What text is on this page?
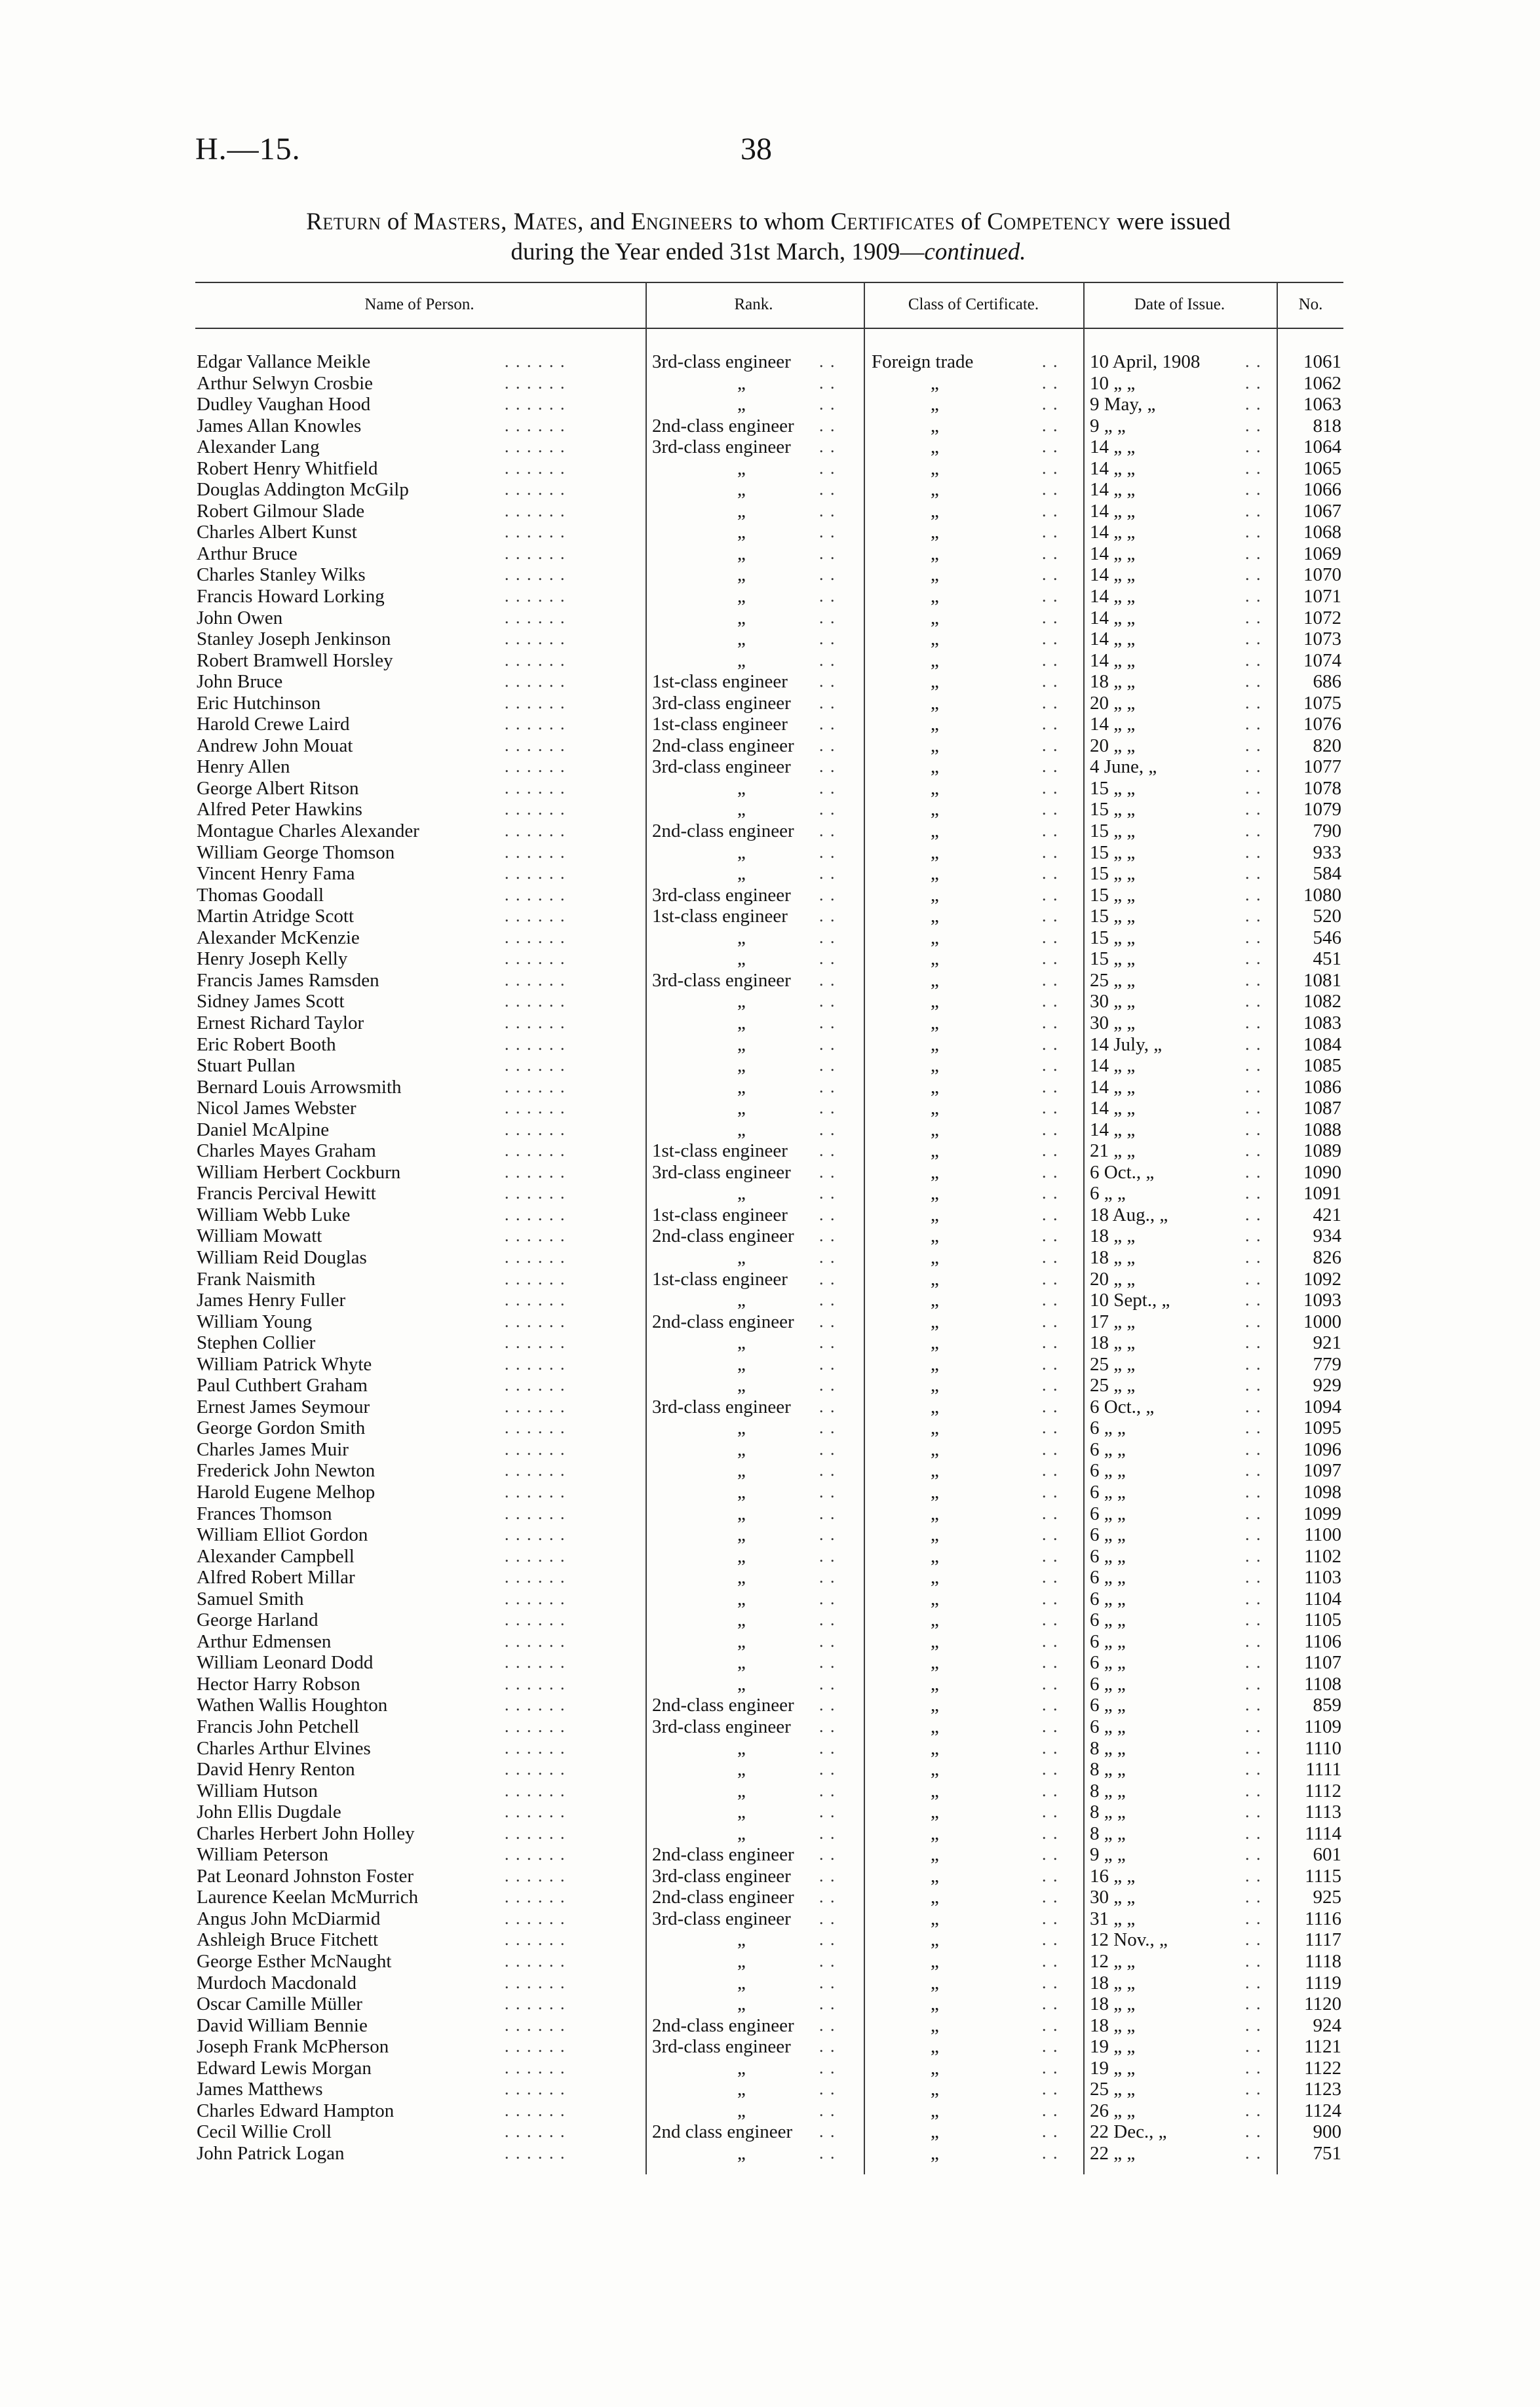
H.—15.	38
Return of Masters, Mates, and Engineers to whom Certificates of Competency were issued
during the Year ended 31st March, 1909—continued.
Name of Person.	Rank.	Class of Certificate.	Date of Issue.	No.
Edgar Vallance Meikle	3rd-class engineer	Foreign trade	10 April, 1908	1061
. . . . . .	. .	. .	. .
Arthur Selwyn Crosbie	„	„	10 „ „	1062
. . . . . .	. .	. .	. .
Dudley Vaughan Hood	„	„	9 May, „	1063
. . . . . .	. .	. .	. .
James Allan Knowles	2nd-class engineer	„	9 „ „	818
. . . . . .	. .	. .	. .
Alexander Lang	3rd-class engineer	„	14 „ „	1064
. . . . . .	. .	. .	. .
Robert Henry Whitfield	„	„	14 „ „	1065
. . . . . .	. .	. .	. .
Douglas Addington McGilp	„	„	14 „ „	1066
. . . . . .	. .	. .	. .
Robert Gilmour Slade	„	„	14 „ „	1067
. . . . . .	. .	. .	. .
Charles Albert Kunst	„	„	14 „ „	1068
. . . . . .	. .	. .	. .
Arthur Bruce	„	„	14 „ „	1069
. . . . . .	. .	. .	. .
Charles Stanley Wilks	„	„	14 „ „	1070
. . . . . .	. .	. .	. .
Francis Howard Lorking	„	„	14 „ „	1071
. . . . . .	. .	. .	. .
John Owen	„	„	14 „ „	1072
. . . . . .	. .	. .	. .
Stanley Joseph Jenkinson	„	„	14 „ „	1073
. . . . . .	. .	. .	. .
Robert Bramwell Horsley	„	„	14 „ „	1074
. . . . . .	. .	. .	. .
John Bruce	1st-class engineer	„	18 „ „	686
. . . . . .	. .	. .	. .
Eric Hutchinson	3rd-class engineer	„	20 „ „	1075
. . . . . .	. .	. .	. .
Harold Crewe Laird	1st-class engineer	„	14 „ „	1076
. . . . . .	. .	. .	. .
Andrew John Mouat	2nd-class engineer	„	20 „ „	820
. . . . . .	. .	. .	. .
Henry Allen	3rd-class engineer	„	4 June, „	1077
. . . . . .	. .	. .	. .
George Albert Ritson	„	„	15 „ „	1078
. . . . . .	. .	. .	. .
Alfred Peter Hawkins	„	„	15 „ „	1079
. . . . . .	. .	. .	. .
Montague Charles Alexander	2nd-class engineer	„	15 „ „	790
. . . . . .	. .	. .	. .
William George Thomson	„	„	15 „ „	933
. . . . . .	. .	. .	. .
Vincent Henry Fama	„	„	15 „ „	584
. . . . . .	. .	. .	. .
Thomas Goodall	3rd-class engineer	„	15 „ „	1080
. . . . . .	. .	. .	. .
Martin Atridge Scott	1st-class engineer	„	15 „ „	520
. . . . . .	. .	. .	. .
Alexander McKenzie	„	„	15 „ „	546
. . . . . .	. .	. .	. .
Henry Joseph Kelly	„	„	15 „ „	451
. . . . . .	. .	. .	. .
Francis James Ramsden	3rd-class engineer	„	25 „ „	1081
. . . . . .	. .	. .	. .
Sidney James Scott	„	„	30 „ „	1082
. . . . . .	. .	. .	. .
Ernest Richard Taylor	„	„	30 „ „	1083
. . . . . .	. .	. .	. .
Eric Robert Booth	„	„	14 July, „	1084
. . . . . .	. .	. .	. .
Stuart Pullan	„	„	14 „ „	1085
. . . . . .	. .	. .	. .
Bernard Louis Arrowsmith	„	„	14 „ „	1086
. . . . . .	. .	. .	. .
Nicol James Webster	„	„	14 „ „	1087
. . . . . .	. .	. .	. .
Daniel McAlpine	„	„	14 „ „	1088
. . . . . .	. .	. .	. .
Charles Mayes Graham	1st-class engineer	„	21 „ „	1089
. . . . . .	. .	. .	. .
William Herbert Cockburn	3rd-class engineer	„	6 Oct., „	1090
. . . . . .	. .	. .	. .
Francis Percival Hewitt	„	„	6 „ „	1091
. . . . . .	. .	. .	. .
William Webb Luke	1st-class engineer	„	18 Aug., „	421
. . . . . .	. .	. .	. .
William Mowatt	2nd-class engineer	„	18 „ „	934
. . . . . .	. .	. .	. .
William Reid Douglas	„	„	18 „ „	826
. . . . . .	. .	. .	. .
Frank Naismith	1st-class engineer	„	20 „ „	1092
. . . . . .	. .	. .	. .
James Henry Fuller	„	„	10 Sept., „	1093
. . . . . .	. .	. .	. .
William Young	2nd-class engineer	„	17 „ „	1000
. . . . . .	. .	. .	. .
Stephen Collier	„	„	18 „ „	921
. . . . . .	. .	. .	. .
William Patrick Whyte	„	„	25 „ „	779
. . . . . .	. .	. .	. .
Paul Cuthbert Graham	„	„	25 „ „	929
. . . . . .	. .	. .	. .
Ernest James Seymour	3rd-class engineer	„	6 Oct., „	1094
. . . . . .	. .	. .	. .
George Gordon Smith	„	„	6 „ „	1095
. . . . . .	. .	. .	. .
Charles James Muir	„	„	6 „ „	1096
. . . . . .	. .	. .	. .
Frederick John Newton	„	„	6 „ „	1097
. . . . . .	. .	. .	. .
Harold Eugene Melhop	„	„	6 „ „	1098
. . . . . .	. .	. .	. .
Frances Thomson	„	„	6 „ „	1099
. . . . . .	. .	. .	. .
William Elliot Gordon	„	„	6 „ „	1100
. . . . . .	. .	. .	. .
Alexander Campbell	„	„	6 „ „	1102
. . . . . .	. .	. .	. .
Alfred Robert Millar	„	„	6 „ „	1103
. . . . . .	. .	. .	. .
Samuel Smith	„	„	6 „ „	1104
. . . . . .	. .	. .	. .
George Harland	„	„	6 „ „	1105
. . . . . .	. .	. .	. .
Arthur Edmensen	„	„	6 „ „	1106
. . . . . .	. .	. .	. .
William Leonard Dodd	„	„	6 „ „	1107
. . . . . .	. .	. .	. .
Hector Harry Robson	„	„	6 „ „	1108
. . . . . .	. .	. .	. .
Wathen Wallis Houghton	2nd-class engineer	„	6 „ „	859
. . . . . .	. .	. .	. .
Francis John Petchell	3rd-class engineer	„	6 „ „	1109
. . . . . .	. .	. .	. .
Charles Arthur Elvines	„	„	8 „ „	1110
. . . . . .	. .	. .	. .
David Henry Renton	„	„	8 „ „	1111
. . . . . .	. .	. .	. .
William Hutson	„	„	8 „ „	1112
. . . . . .	. .	. .	. .
John Ellis Dugdale	„	„	8 „ „	1113
. . . . . .	. .	. .	. .
Charles Herbert John Holley	„	„	8 „ „	1114
. . . . . .	. .	. .	. .
William Peterson	2nd-class engineer	„	9 „ „	601
. . . . . .	. .	. .	. .
Pat Leonard Johnston Foster	3rd-class engineer	„	16 „ „	1115
. . . . . .	. .	. .	. .
Laurence Keelan McMurrich	2nd-class engineer	„	30 „ „	925
. . . . . .	. .	. .	. .
Angus John McDiarmid	3rd-class engineer	„	31 „ „	1116
. . . . . .	. .	. .	. .
Ashleigh Bruce Fitchett	„	„	12 Nov., „	1117
. . . . . .	. .	. .	. .
George Esther McNaught	„	„	12 „ „	1118
. . . . . .	. .	. .	. .
Murdoch Macdonald	„	„	18 „ „	1119
. . . . . .	. .	. .	. .
Oscar Camille Müller	„	„	18 „ „	1120
. . . . . .	. .	. .	. .
David William Bennie	2nd-class engineer	„	18 „ „	924
. . . . . .	. .	. .	. .
Joseph Frank McPherson	3rd-class engineer	„	19 „ „	1121
. . . . . .	. .	. .	. .
Edward Lewis Morgan	„	„	19 „ „	1122
. . . . . .	. .	. .	. .
James Matthews	„	„	25 „ „	1123
. . . . . .	. .	. .	. .
Charles Edward Hampton	„	„	26 „ „	1124
. . . . . .	. .	. .	. .
Cecil Willie Croll	2nd class engineer	„	22 Dec., „	900
. . . . . .	. .	. .	. .
John Patrick Logan	„	„	22 „ „	751
. . . . . .	. .	. .	. .
